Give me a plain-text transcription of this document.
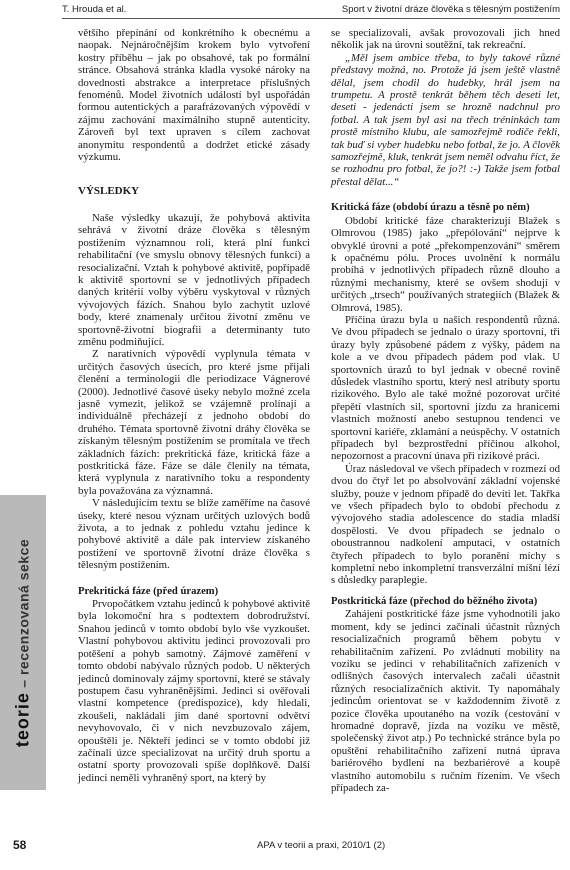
T. Hrouda et al.	Sport v životní dráze člověka s tělesným postižením

většího přepínání od konkrétního k obecnému a naopak. Nejnáročnějším krokem bylo vytvoření kostry příběhu – jak po obsahové, tak po formální stránce. Obsahová stránka kladla vysoké nároky na dovednosti abstrakce a interpretace příslušných fenoménů. Model životních událostí byl uspořádán formou autentických a parafrázovaných výpovědí v zájmu zachování maximálního stupně autenticity. Zároveň byl text upraven s cílem zachovat anonymitu respondentů a dodržet etické zásady výzkumu.

VÝSLEDKY

Naše výsledky ukazují, že pohybová aktivita sehrává v životní dráze člověka s tělesným postižením významnou roli, která plní funkci rehabilitační (ve smyslu obnovy tělesných funkcí) a resocializační. Vztah k pohybové aktivitě, popřípadě k aktivitě sportovní se v jednotlivých případech daných kritérií volby výběru vyskytoval v různých vývojových fázích. Snahou bylo zachytit uzlové body, které znamenaly určitou životní změnu ve sportovně-životní biografii a determinanty tuto změnu podmiňující.

Z narativních výpovědí vyplynula témata v určitých časových úsecích, pro které jsme přijali členění a terminologii dle periodizace Vágnerové (2000). Jednotlivé časové úseky nebylo možné zcela jasně vymezit, jelikož se vzájemně prolínají a individuálně přecházejí z jednoho období do druhého. Témata sportovně životní dráhy člověka se získaným tělesným postižením se promítala ve třech základních fázích: prekritická fáze, kritická fáze a postkritická fáze. Fáze se dále členily na témata, která vyplynula z narativního toku a respondenty byla považována za významná.

V následujícím textu se blíže zaměříme na časové úseky, které nesou význam určitých uzlových bodů života, a to jednak z pohledu vztahu jedince k pohybové aktivitě a dále pak interview získaného postižení ve sportovně životní dráze člověka s tělesným postižením.

Prekritická fáze (před úrazem)

Prvopočátkem vztahu jedinců k pohybové aktivitě byla lokomoční hra s podtextem dobrodružství. Snahou jedinců v tomto období bylo vše vyzkoušet. Vlastní pohybovou aktivitu jedinci provozovali pro potěšení a pohyb samotný. Zájmové zaměření v tomto období nabývalo různých podob. U některých jedinců dominovaly zájmy sportovní, které se stávaly postupem času vyhraněnějšími. Jedinci si ověřovali vlastní kompetence (predispozice), kdy hledali, zkoušeli, nakládali jim dané sportovní odvětví nevyhovovalo, či v nich nevzbuzovalo zájem, opouštěli je. Někteří jedinci se v tomto období již začínali úzce specializovat na určitý druh sportu a ostatní sporty provozovali spíše doplňkově. Další jedinci neměli vyhraněný sport, na který by

se specializovali, avšak provozovali jich hned několik jak na úrovni soutěžní, tak rekreační.

„Měl jsem ambice třeba, to byly takové různé představy možná, no. Protože já jsem ještě vlastně dělal, jsem chodil do hudebky, hrál jsem na trumpetu. A prostě tenkrát během těch deseti let, deseti - jedenácti jsem se hrozně nadchnul pro fotbal. A tak jsem byl asi na třech tréninkách tam prostě místního klubu, ale samozřejmě rodiče řekli, tak buď si vyber hudebku nebo fotbal, že jo. A člověk samozřejmě, kluk, tenkrát jsem neměl odvahu říct, že se rozhodnu pro fotbal, že jo?! :-) Takže jsem fotbal přestal dělat...“

Kritická fáze (období úrazu a těsně po něm)

Období kritické fáze charakterizují Blažek s Olmrovou (1985) jako „přepólování“ nejprve k obvyklé úrovni a poté „překompenzování“ směrem k opačnému pólu. Proces uvolnění k normálu probíhá v jednotlivých případech různě dlouho a různými mechanismy, které se ovšem shodují v určitých „trsech“ používaných strategiích (Blažek & Olmrová, 1985).

Příčina úrazu byla u našich respondentů různá. Ve dvou případech se jednalo o úrazy sportovní, tři úrazy byly způsobené pádem z výšky, pádem na kole a ve dvou případech pádem pod vlak. U sportovních úrazů to byl jednak v obecné rovině důsledek vlastního sportu, který nesl atributy sportu rizikového. Bylo ale také možné pozorovat určité přepětí vlastních sil, sportovní jízdu za hranicemi vlastních možností anebo sestupnou tendenci ve sportovní kariéře, zklamání a neúspěchy. V ostatních případech byl bezprostřední příčinou alkohol, nepozornost a pracovní únava při rizikové práci.

Úraz následoval ve všech případech v rozmezí od dvou do čtyř let po absolvování základní vojenské služby, pouze v jednom případě do devíti let. Takřka ve všech případech bylo to období přechodu z vývojového stadia adolescence do stadia mladší dospělosti. Ve dvou případech se jednalo o oboustrannou nadkolení amputaci, v ostatních čtyřech případech to bylo poranění míchy s kompletní nebo inkompletní transverzální míšní lézí s důsledky paraplegie.

Postkritická fáze (přechod do běžného života)

Zahájení postkritické fáze jsme vyhodnotili jako moment, kdy se jedinci začínali účastnit různých resocializačních programů během pobytu v rehabilitačním zařízení. Po zvládnutí mobility na vozíku se jedinci v rehabilitačních zařízeních v odlišných časových intervalech začali účastnit různých resocializačních aktivit. Ty napomáhaly jedincům orientovat se v každodenním životě z pozice člověka upoutaného na vozík (cestování v hromadné dopravě, jízda na vozíku ve městě, společenský život atp.) Po technické stránce byla po opuštění rehabilitačního zařízení nutná úprava bariérového bydlení na bezbariérové a koupě vlastního automobilu s ručním řízením. Ve všech případech za-

teorie – recenzovaná sekce
58	APA v teorii a praxi, 2010/1 (2)
